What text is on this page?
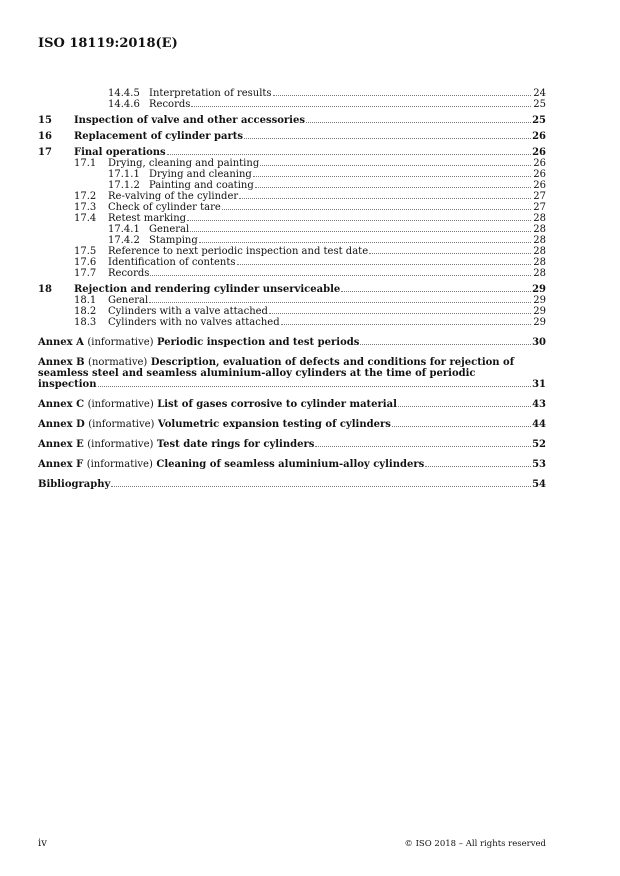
ISO 18119:2018(E)
14.4.5 Interpretation of results	24
14.4.6 Records	25
15	Inspection of valve and other accessories	25
16	Replacement of cylinder parts	26
17	Final operations	26
17.1	Drying, cleaning and painting	26
17.1.1 Drying and cleaning	26
17.1.2 Painting and coating	26
17.2	Re-valving of the cylinder	27
17.3	Check of cylinder tare	27
17.4	Retest marking	28
17.4.1 General	28
17.4.2 Stamping	28
17.5	Reference to next periodic inspection and test date	28
17.6	Identification of contents	28
17.7	Records	28
18	Rejection and rendering cylinder unserviceable	29
18.1	General	29
18.2	Cylinders with a valve attached	29
18.3	Cylinders with no valves attached	29
Annex A (informative) Periodic inspection and test periods	30
Annex B (normative) Description, evaluation of defects and conditions for rejection of
seamless steel and seamless aluminium-alloy cylinders at the time of periodic
inspection	31
Annex C (informative) List of gases corrosive to cylinder material	43
Annex D (informative) Volumetric expansion testing of cylinders	44
Annex E (informative) Test date rings for cylinders	52
Annex F (informative) Cleaning of seamless aluminium-alloy cylinders	53
Bibliography	54
iv	© ISO 2018 – All rights reserved
